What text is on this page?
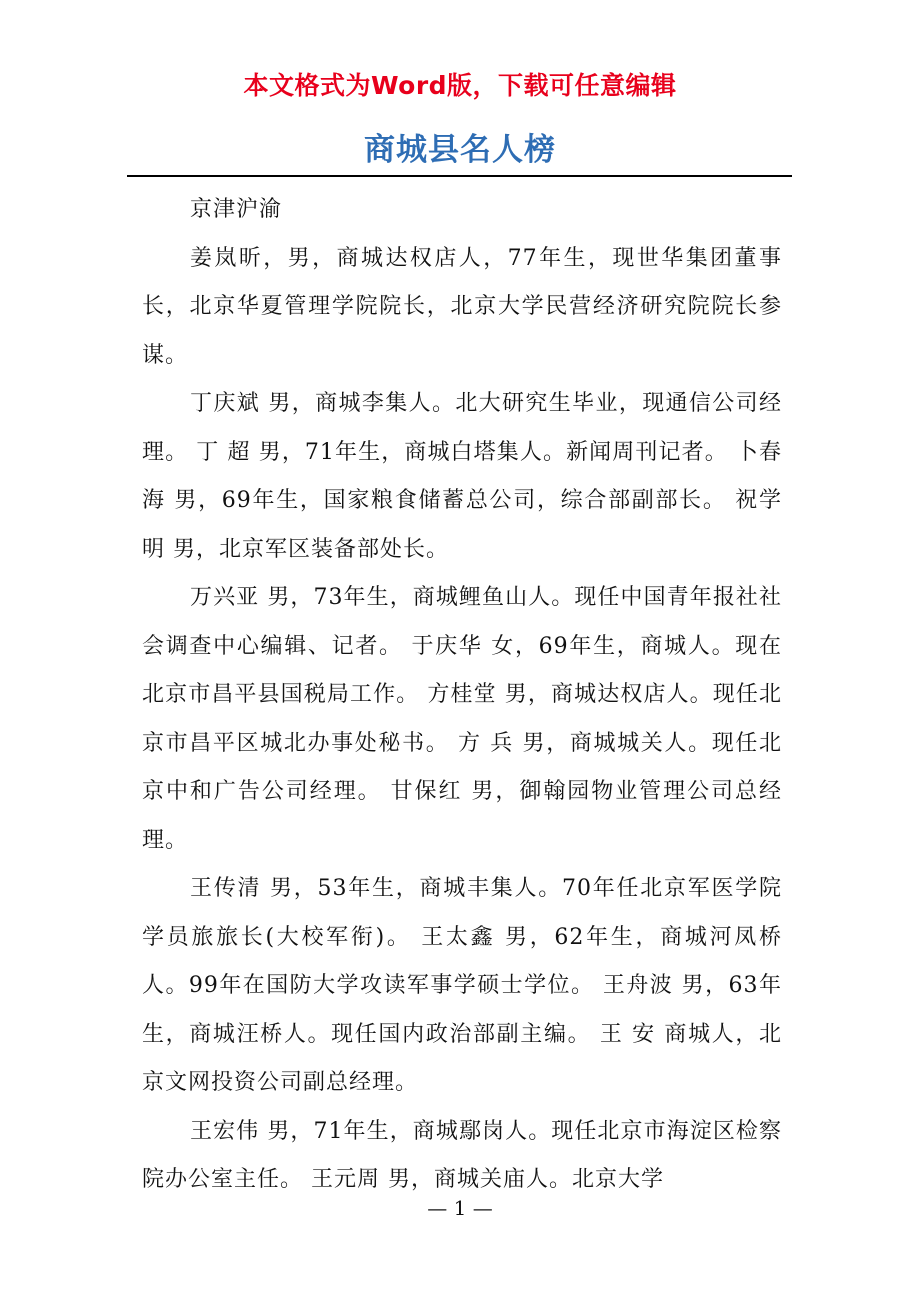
本文格式为Word版，下载可任意编辑
商城县名人榜

京津沪渝

姜岚昕，男，商城达权店人，77年生，现世华集团董事长，北京华夏管理学院院长，北京大学民营经济研究院院长参谋。

丁庆斌 男，商城李集人。北大研究生毕业，现通信公司经理。 丁 超 男，71年生，商城白塔集人。新闻周刊记者。 卜春海 男，69年生，国家粮食储蓄总公司，综合部副部长。 祝学明 男，北京军区装备部处长。

万兴亚 男，73年生，商城鲤鱼山人。现任中国青年报社社会调查中心编辑、记者。 于庆华 女，69年生，商城人。现在北京市昌平县国税局工作。 方桂堂 男，商城达权店人。现任北京市昌平区城北办事处秘书。 方 兵 男，商城城关人。现任北京中和广告公司经理。 甘保红 男，御翰园物业管理公司总经理。

王传清 男，53年生，商城丰集人。70年任北京军医学院学员旅旅长(大校军衔)。 王太鑫 男，62年生，商城河凤桥人。99年在国防大学攻读军事学硕士学位。 王舟波 男，63年生，商城汪桥人。现任国内政治部副主编。 王 安 商城人，北京文网投资公司副总经理。

王宏伟 男，71年生，商城鄢岗人。现任北京市海淀区检察院办公室主任。 王元周 男，商城关庙人。北京大学

— 1 —
